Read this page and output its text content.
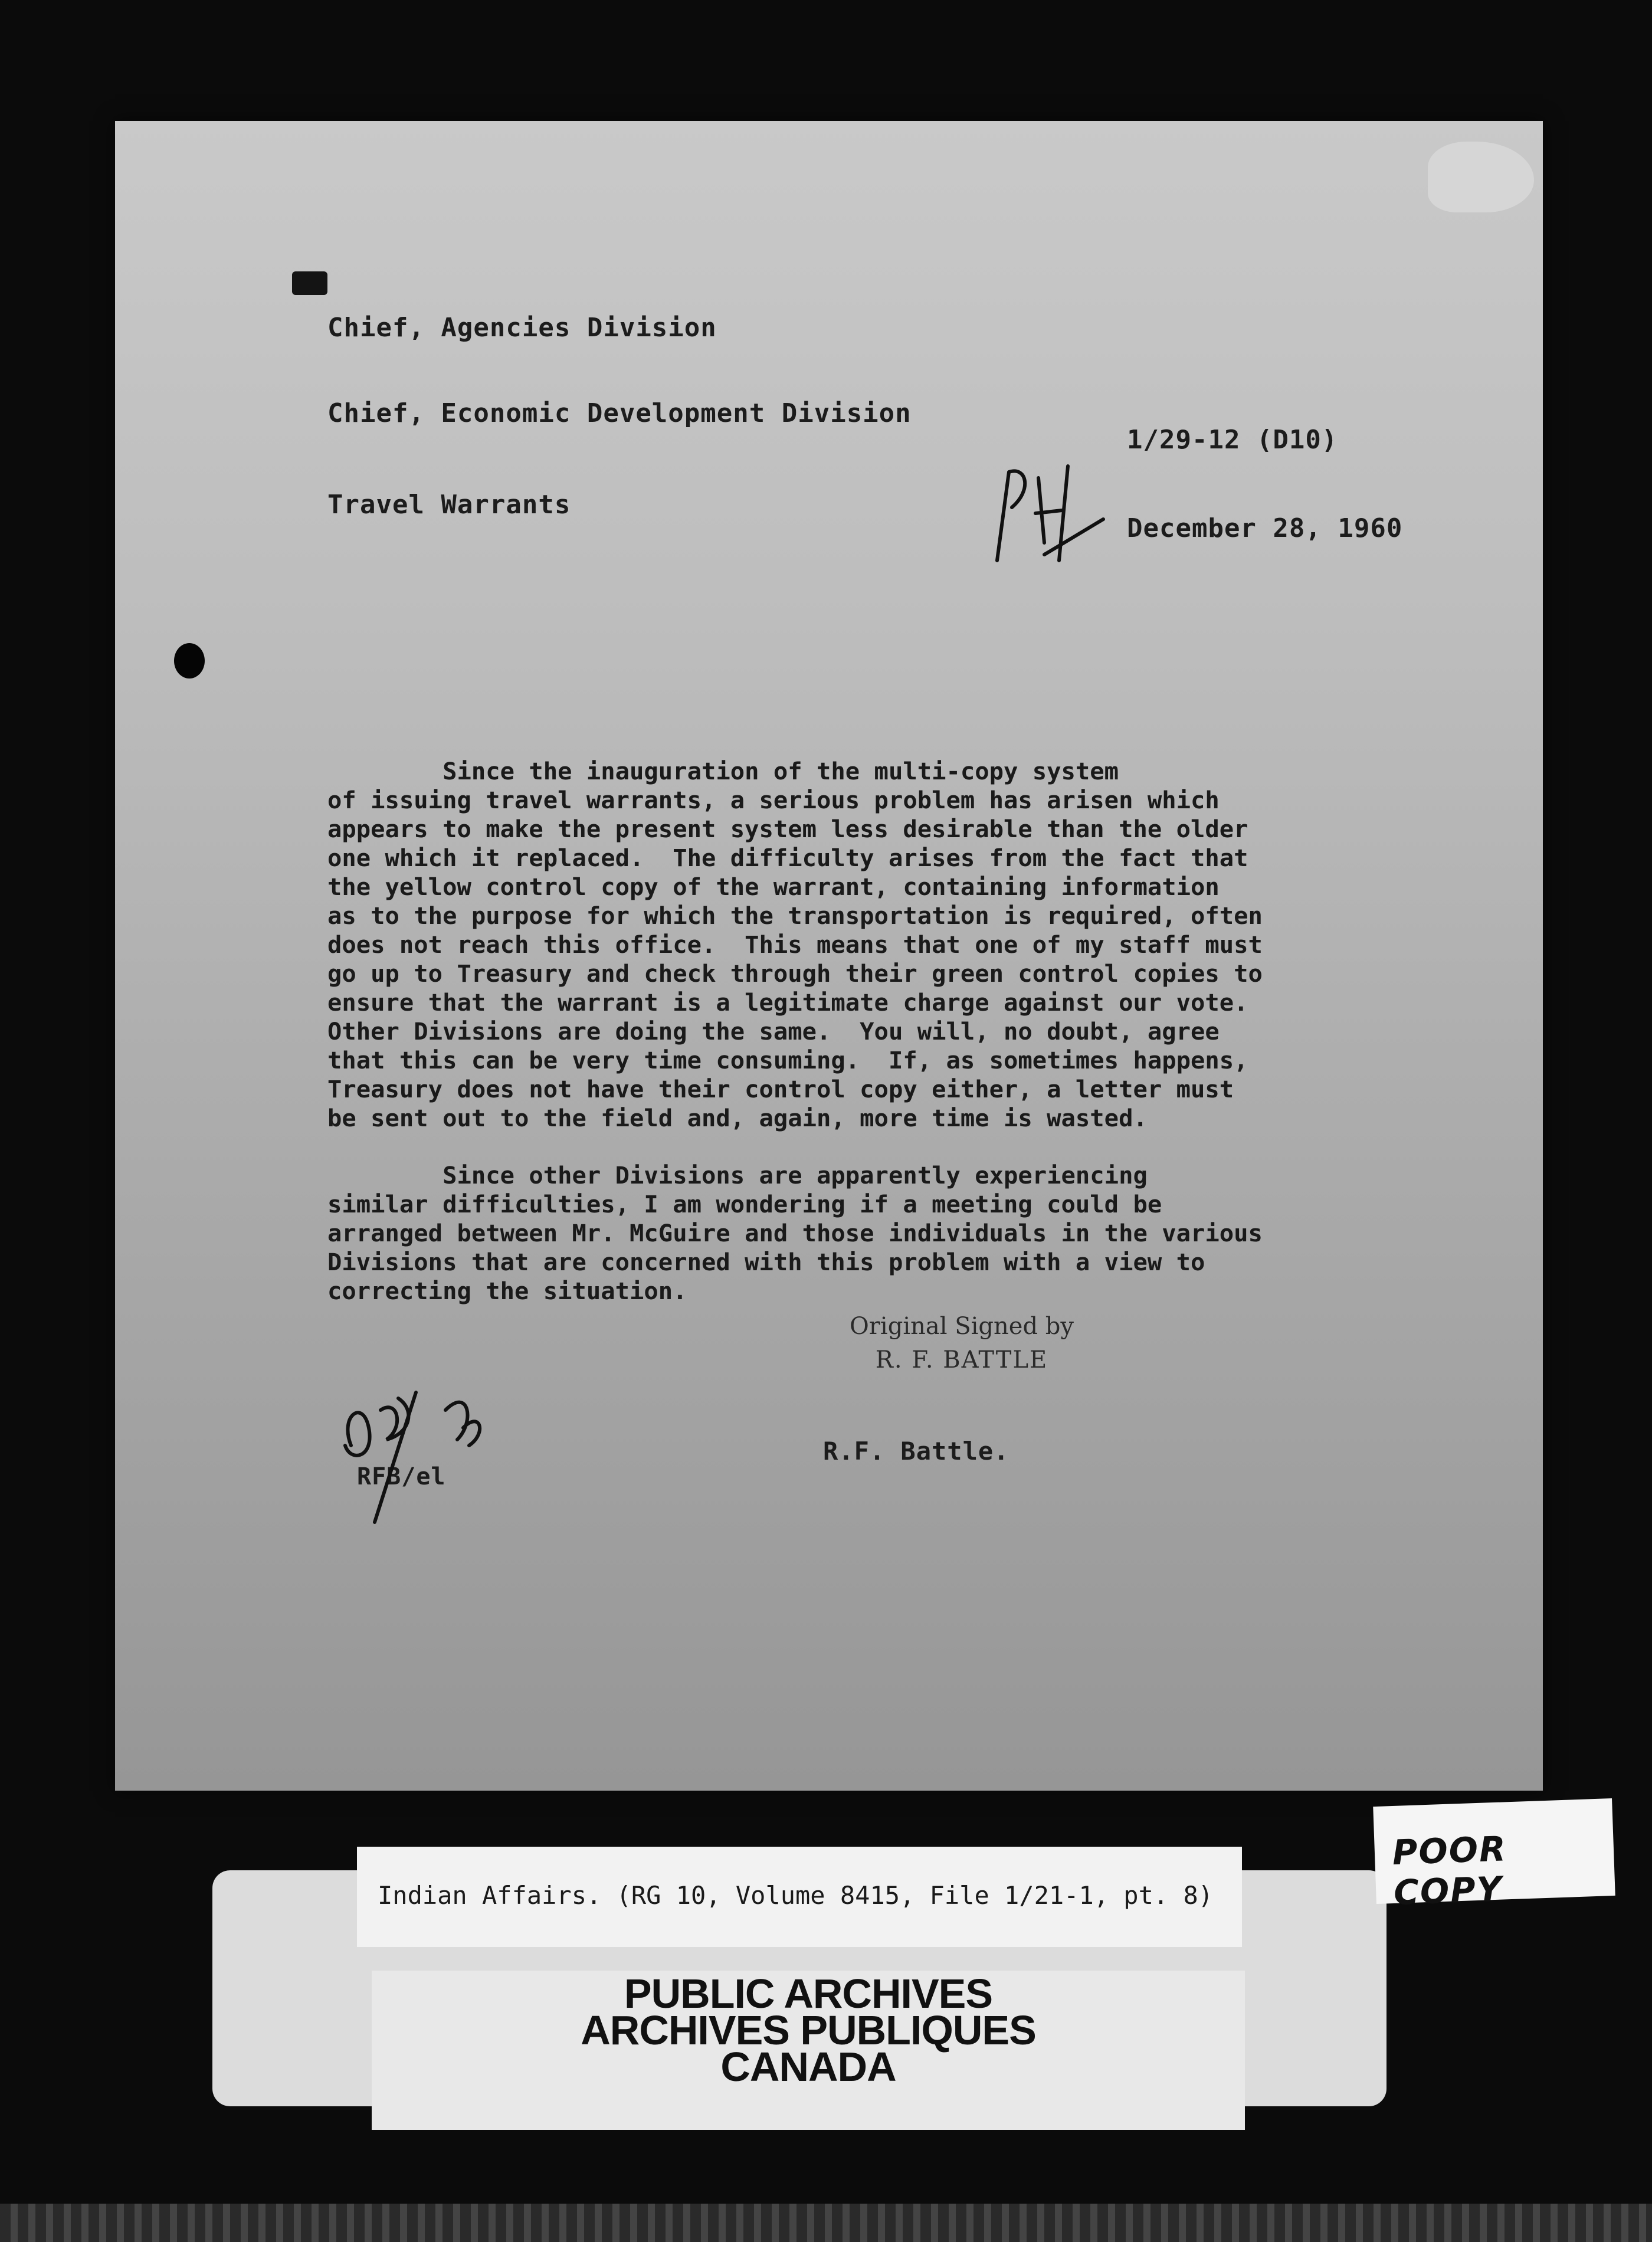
Chief, Agencies Division
Chief, Economic Development Division
1/29-12 (D10)
Travel Warrants
December 28, 1960
Since the inauguration of the multi-copy system
of issuing travel warrants, a serious problem has arisen which
appears to make the present system less desirable than the older
one which it replaced.  The difficulty arises from the fact that
the yellow control copy of the warrant, containing information
as to the purpose for which the transportation is required, often
does not reach this office.  This means that one of my staff must
go up to Treasury and check through their green control copies to
ensure that the warrant is a legitimate charge against our vote.
Other Divisions are doing the same.  You will, no doubt, agree
that this can be very time consuming.  If, as sometimes happens,
Treasury does not have their control copy either, a letter must
be sent out to the field and, again, more time is wasted.
Since other Divisions are apparently experiencing
similar difficulties, I am wondering if a meeting could be
arranged between Mr. McGuire and those individuals in the various
Divisions that are concerned with this problem with a view to
correcting the situation.
Original Signed by
R. F. BATTLE
R.F. Battle.
RFB/el
Indian Affairs. (RG 10, Volume 8415, File 1/21-1, pt. 8)
PUBLIC ARCHIVES
ARCHIVES PUBLIQUES
CANADA
POOR COPY
